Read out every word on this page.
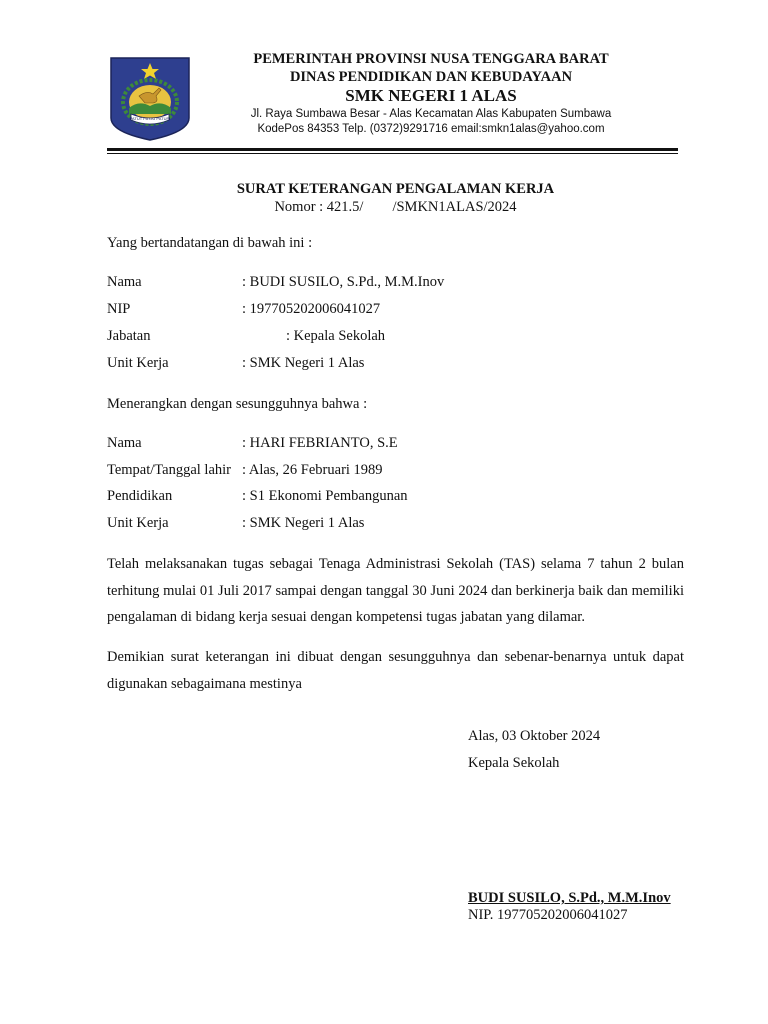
PATUT PATJU PATUPI
PEMERINTAH PROVINSI NUSA TENGGARA BARAT
DINAS PENDIDIKAN DAN KEBUDAYAAN
SMK NEGERI 1 ALAS
Jl. Raya Sumbawa Besar - Alas Kecamatan Alas Kabupaten Sumbawa
KodePos 84353 Telp. (0372)9291716 email:smkn1alas@yahoo.com
SURAT KETERANGAN PENGALAMAN KERJA
Nomor : 421.5/        /SMKN1ALAS/2024
Yang bertandatangan di bawah ini :
Nama	: BUDI SUSILO, S.Pd., M.M.Inov
NIP	: 197705202006041027
Jabatan	: Kepala Sekolah
Unit Kerja	: SMK Negeri 1 Alas
Menerangkan dengan sesungguhnya bahwa :
Nama	: HARI FEBRIANTO, S.E
Tempat/Tanggal lahir : Alas, 26 Februari 1989
Pendidikan	: S1 Ekonomi Pembangunan
Unit Kerja	: SMK Negeri 1 Alas
Telah melaksanakan tugas sebagai Tenaga Administrasi Sekolah (TAS) selama 7 tahun 2 bulan terhitung mulai 01 Juli 2017 sampai dengan tanggal 30 Juni 2024 dan berkinerja baik dan memiliki pengalaman di bidang kerja sesuai dengan kompetensi tugas jabatan yang dilamar.
Demikian surat keterangan ini dibuat dengan sesungguhnya dan sebenar-benarnya untuk dapat digunakan sebagaimana mestinya
Alas, 03 Oktober 2024
Kepala Sekolah
BUDI SUSILO, S.Pd., M.M.Inov
NIP. 197705202006041027
